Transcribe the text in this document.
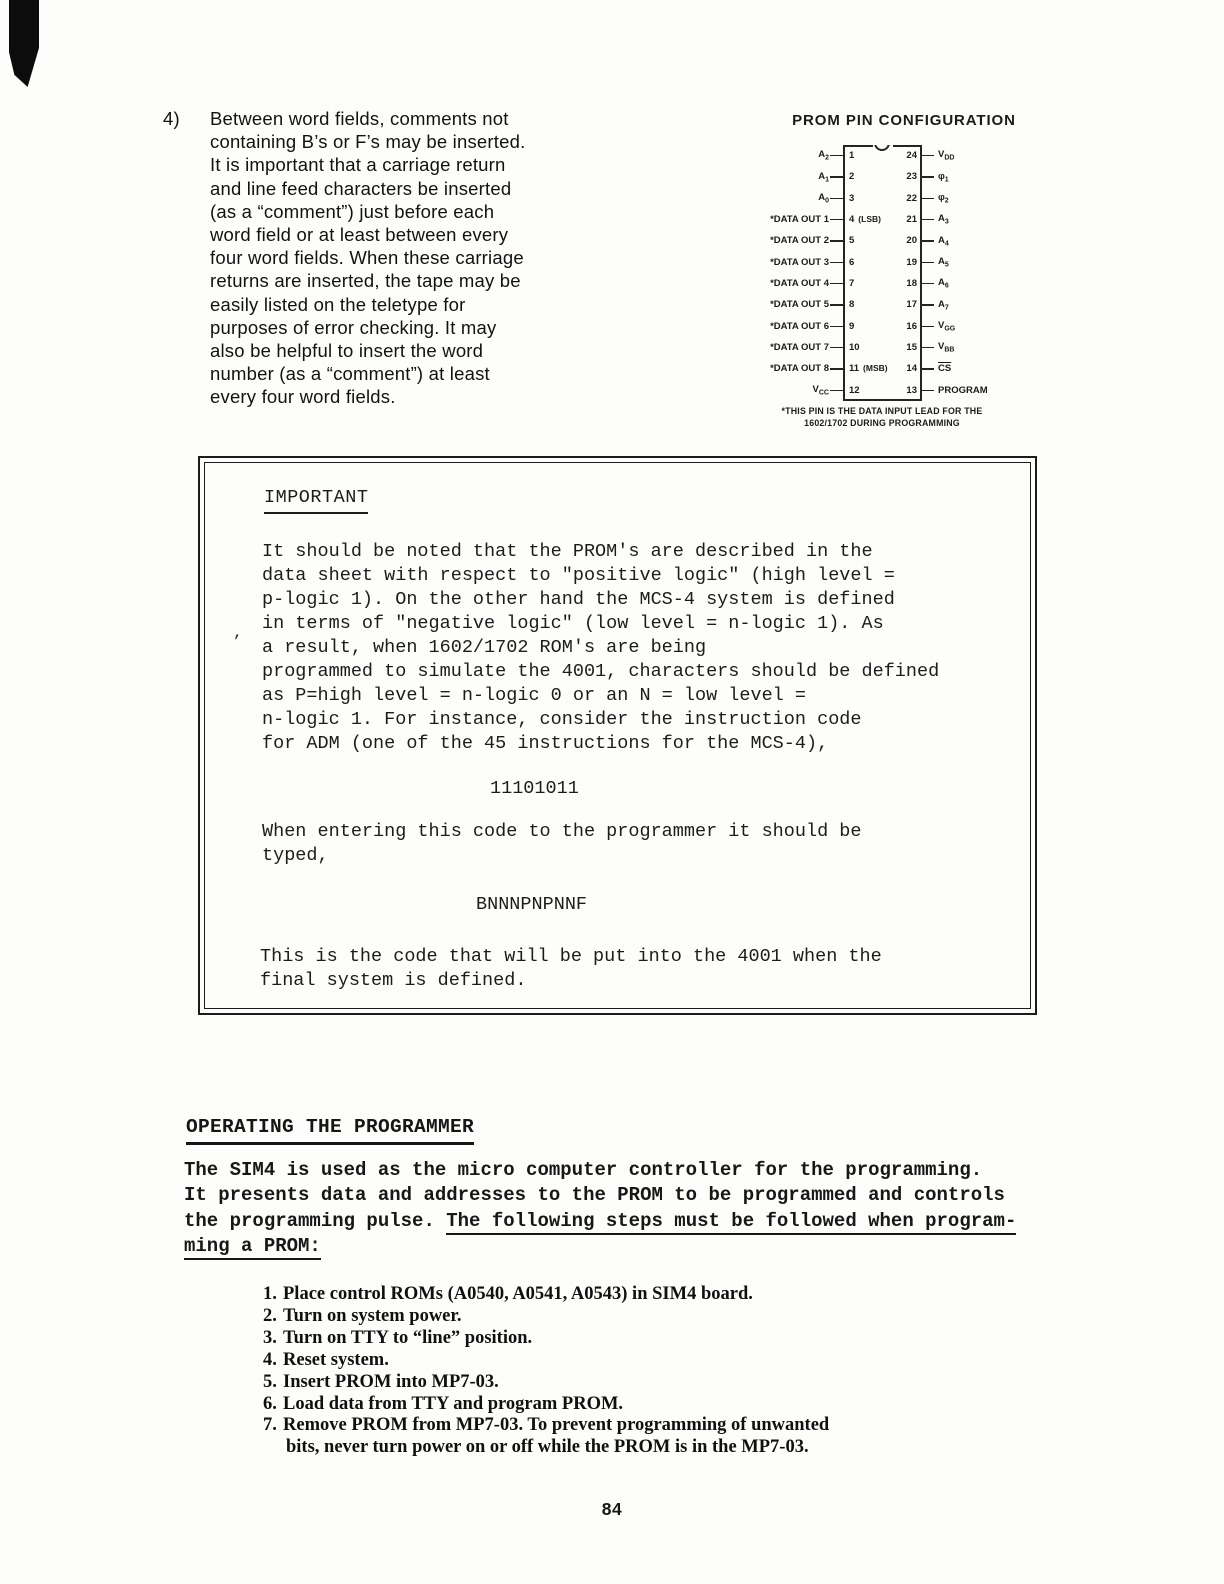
4) Between word fields, comments not
containing B’s or F’s may be inserted.
It is important that a carriage return
and line feed characters be inserted
(as a “comment”) just before each
word field or at least between every
four word fields. When these carriage
returns are inserted, the tape may be
easily listed on the teletype for
purposes of error checking. It may
also be helpful to insert the word
number (as a “comment”) at least
every four word fields.
PROM PIN CONFIGURATION
$A_2$	1	24	$V_{DD}$
$A_1$	2	23	$\varphi_1$
$A_0$	3	22	$\varphi_2$
*DATA OUT 1	4 (LSB)	21	$A_3$
*DATA OUT 2	5	20	$A_4$
*DATA OUT 3	6	19	$A_5$
*DATA OUT 4	7	18	$A_6$
*DATA OUT 5	8	17	$A_7$
*DATA OUT 6	9	16	$V_{GG}$
*DATA OUT 7	10	15	$V_{BB}$
*DATA OUT 8	11 (MSB)	14	$\overline{CS}$
$V_{CC}$	12	13	PROGRAM
*THIS PIN IS THE DATA INPUT LEAD FOR THE
1602/1702 DURING PROGRAMMING
IMPORTANT
’
It should be noted that the PROM's are described in the
data sheet with respect to "positive logic" (high level =
p-logic 1). On the other hand the MCS-4 system is defined
in terms of "negative logic" (low level = n-logic 1). As
a result, when 1602/1702 ROM's are being
programmed to simulate the 4001, characters should be defined
as P=high level = n-logic 0 or an N = low level =
n-logic 1. For instance, consider the instruction code
for ADM (one of the 45 instructions for the MCS-4),
11101011
When entering this code to the programmer it should be
typed,
BNNNPNPNNF
This is the code that will be put into the 4001 when the
final system is defined.
OPERATING THE PROGRAMMER
The SIM4 is used as the micro computer controller for the programming.
It presents data and addresses to the PROM to be programmed and controls
the programming pulse. The following steps must be followed when program-
ming a PROM:
1. Place control ROMs (A0540, A0541, A0543) in SIM4 board.
2. Turn on system power.
3. Turn on TTY to “line” position.
4. Reset system.
5. Insert PROM into MP7-03.
6. Load data from TTY and program PROM.
7. Remove PROM from MP7-03. To prevent programming of unwanted
bits, never turn power on or off while the PROM is in the MP7-03.
84
